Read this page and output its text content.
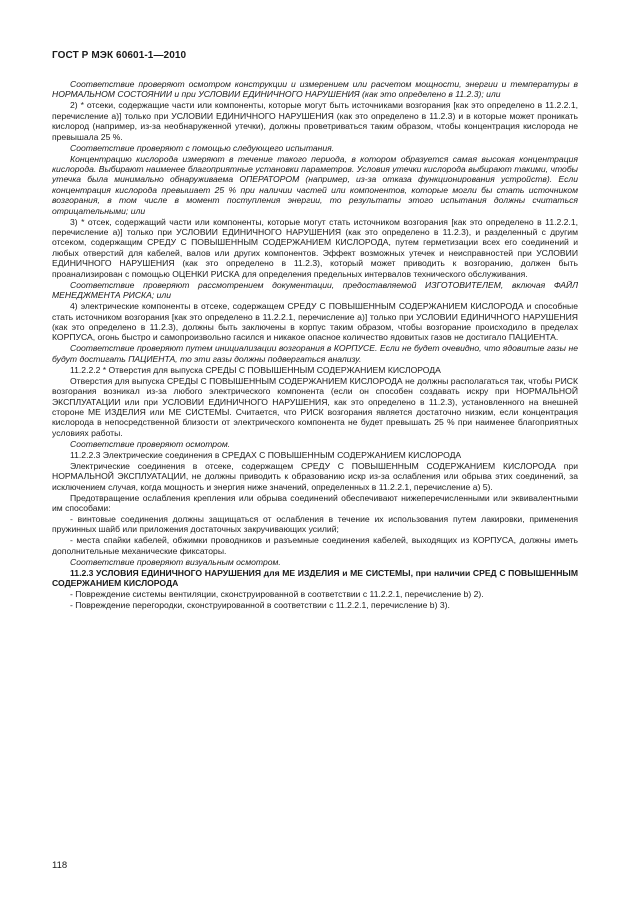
ГОСТ Р МЭК 60601-1—2010

Соответствие проверяют осмотром конструкции и измерением или расчетом мощности, энергии и температуры в НОРМАЛЬНОМ СОСТОЯНИИ и при УСЛОВИИ ЕДИНИЧНОГО НАРУШЕНИЯ (как это определено в 11.2.3); или

2) * отсеки, содержащие части или компоненты, которые могут быть источниками возгорания [как это определено в 11.2.2.1, перечисление а)] только при УСЛОВИИ ЕДИНИЧНОГО НАРУШЕНИЯ (как это определено в 11.2.3) и в которые может проникать кислород (например, из-за необнаруженной утечки), должны проветриваться таким образом, чтобы концентрация кислорода не превышала 25 %.

Соответствие проверяют с помощью следующего испытания.

Концентрацию кислорода измеряют в течение такого периода, в котором образуется самая высокая концентрация кислорода. Выбирают наименее благоприятные установки параметров. Условия утечки кислорода выбирают такими, чтобы утечка была минимально обнаруживаема ОПЕРАТОРОМ (например, из-за отказа функционирования устройств). Если концентрация кислорода превышает 25 % при наличии частей или компонентов, которые могли бы стать источником возгорания, в том числе в момент поступления энергии, то результаты этого испытания должны считаться отрицательными; или

3) * отсек, содержащий части или компоненты, которые могут стать источником возгорания [как это определено в 11.2.2.1, перечисление а)] только при УСЛОВИИ ЕДИНИЧНОГО НАРУШЕНИЯ (как это определено в 11.2.3), и разделенный с другим отсеком, содержащим СРЕДУ С ПОВЫШЕННЫМ СОДЕРЖАНИЕМ КИСЛОРОДА, путем герметизации всех его соединений и любых отверстий для кабелей, валов или других компонентов. Эффект возможных утечек и неисправностей при УСЛОВИИ ЕДИНИЧНОГО НАРУШЕНИЯ (как это определено в 11.2.3), который может приводить к возгоранию, должен быть проанализирован с помощью ОЦЕНКИ РИСКА для определения предельных интервалов технического обслуживания.

Соответствие проверяют рассмотрением документации, предоставляемой ИЗГОТОВИТЕЛЕМ, включая ФАЙЛ МЕНЕДЖМЕНТА РИСКА; или

4) электрические компоненты в отсеке, содержащем СРЕДУ С ПОВЫШЕННЫМ СОДЕРЖАНИЕМ КИСЛОРОДА и способные стать источником возгорания [как это определено в 11.2.2.1, перечисление а)] только при УСЛОВИИ ЕДИНИЧНОГО НАРУШЕНИЯ (как это определено в 11.2.3), должны быть заключены в корпус таким образом, чтобы возгорание происходило в пределах КОРПУСА, огонь быстро и самопроизвольно гасился и никакое опасное количество ядовитых газов не достигало ПАЦИЕНТА.

Соответствие проверяют путем инициализации возгорания в КОРПУСЕ. Если не будет очевидно, что ядовитые газы не будут достигать ПАЦИЕНТА, то эти газы должны подвергаться анализу.

11.2.2.2 * Отверстия для выпуска СРЕДЫ С ПОВЫШЕННЫМ СОДЕРЖАНИЕМ КИСЛОРОДА

Отверстия для выпуска СРЕДЫ С ПОВЫШЕННЫМ СОДЕРЖАНИЕМ КИСЛОРОДА не должны располагаться так, чтобы РИСК возгорания возникал из-за любого электрического компонента (если он способен создавать искру при НОРМАЛЬНОЙ ЭКСПЛУАТАЦИИ или при УСЛОВИИ ЕДИНИЧНОГО НАРУШЕНИЯ, как это определено в 11.2.3), установленного на внешней стороне МЕ ИЗДЕЛИЯ или МЕ СИСТЕМЫ. Считается, что РИСК возгорания является достаточно низким, если концентрация кислорода в непосредственной близости от электрического компонента не будет превышать 25 % при наименее благоприятных условиях работы.

Соответствие проверяют осмотром.

11.2.2.3 Электрические соединения в СРЕДАХ С ПОВЫШЕННЫМ СОДЕРЖАНИЕМ КИСЛОРОДА

Электрические соединения в отсеке, содержащем СРЕДУ С ПОВЫШЕННЫМ СОДЕРЖАНИЕМ КИСЛОРОДА при НОРМАЛЬНОЙ ЭКСПЛУАТАЦИИ, не должны приводить к образованию искр из-за ослабления или обрыва этих соединений, за исключением случая, когда мощность и энергия ниже значений, определенных в 11.2.2.1, перечисление а) 5).

Предотвращение ослабления крепления или обрыва соединений обеспечивают нижеперечисленными или эквивалентными им способами:

- винтовые соединения должны защищаться от ослабления в течение их использования путем лакировки, применения пружинных шайб или приложения достаточных закручивающих усилий;

- места спайки кабелей, обжимки проводников и разъемные соединения кабелей, выходящих из КОРПУСА, должны иметь дополнительные механические фиксаторы.

Соответствие проверяют визуальным осмотром.

11.2.3 УСЛОВИЯ ЕДИНИЧНОГО НАРУШЕНИЯ для МЕ ИЗДЕЛИЯ и МЕ СИСТЕМЫ, при наличии СРЕД С ПОВЫШЕННЫМ СОДЕРЖАНИЕМ КИСЛОРОДА

- Повреждение системы вентиляции, сконструированной в соответствии с 11.2.2.1, перечисление b) 2).

- Повреждение перегородки, сконструированной в соответствии с 11.2.2.1, перечисление b) 3).

118
